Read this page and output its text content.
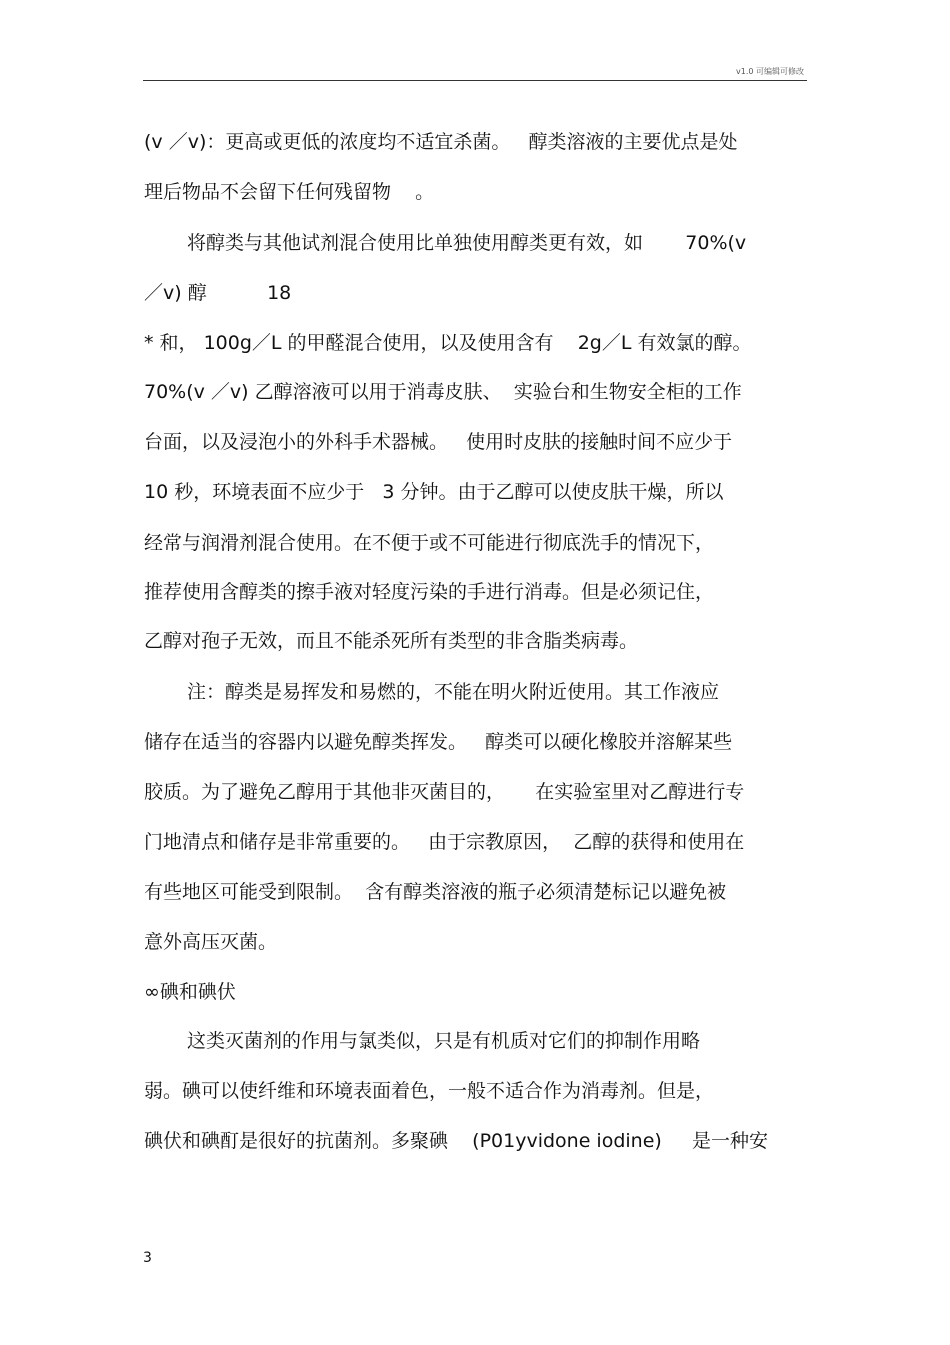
v1.0 可编辑可修改
(v ／v)：更高或更低的浓度均不适宜杀菌。   醇类溶液的主要优点是处
理后物品不会留下任何残留物    。
将醇类与其他试剂混合使用比单独使用醇类更有效，如       70%(v
／v) 醇          18
* 和， 100g／L 的甲醛混合使用，以及使用含有    2g／L 有效氯的醇。
70%(v ／v) 乙醇溶液可以用于消毒皮肤、  实验台和生物安全柜的工作
台面，以及浸泡小的外科手术器械。   使用时皮肤的接触时间不应少于
10 秒，环境表面不应少于   3 分钟。由于乙醇可以使皮肤干燥，所以
经常与润滑剂混合使用。在不便于或不可能进行彻底洗手的情况下，
推荐使用含醇类的擦手液对轻度污染的手进行消毒。但是必须记住，
乙醇对孢子无效，而且不能杀死所有类型的非含脂类病毒。
注：醇类是易挥发和易燃的，不能在明火附近使用。其工作液应
储存在适当的容器内以避免醇类挥发。   醇类可以硬化橡胶并溶解某些
胶质。为了避免乙醇用于其他非灭菌目的，     在实验室里对乙醇进行专
门地清点和储存是非常重要的。   由于宗教原因，  乙醇的获得和使用在
有些地区可能受到限制。  含有醇类溶液的瓶子必须清楚标记以避免被
意外高压灭菌。
∞碘和碘伏
这类灭菌剂的作用与氯类似，只是有机质对它们的抑制作用略
弱。碘可以使纤维和环境表面着色，一般不适合作为消毒剂。但是，
碘伏和碘酊是很好的抗菌剂。多聚碘    (P01yvidone iodine)     是一种安
3
